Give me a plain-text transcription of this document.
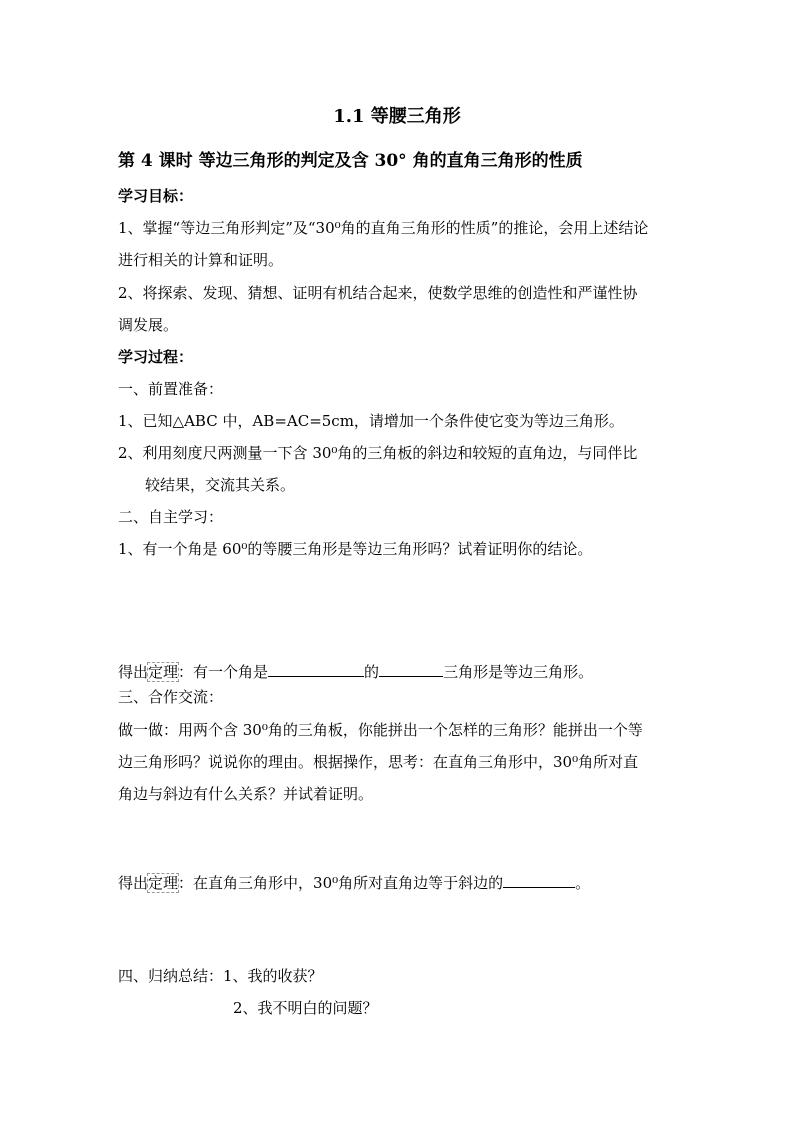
1.1 等腰三角形
第 4 课时 等边三角形的判定及含 30° 角的直角三角形的性质
学习目标：
1、掌握“等边三角形判定”及“30⁰角的直角三角形的性质”的推论，会用上述结论
进行相关的计算和证明。
2、将探索、发现、猜想、证明有机结合起来，使数学思维的创造性和严谨性协
调发展。
学习过程：
一、前置准备：
1、已知△ABC 中，AB=AC=5cm，请增加一个条件使它变为等边三角形。
2、利用刻度尺两测量一下含 30⁰角的三角板的斜边和较短的直角边，与同伴比
较结果，交流其关系。
二、自主学习：
1、有一个角是 60⁰的等腰三角形是等边三角形吗？试着证明你的结论。
得出定理：有一个角是	的	三角形是等边三角形。
三、合作交流：
做一做：用两个含 30⁰角的三角板，你能拼出一个怎样的三角形？能拼出一个等
边三角形吗？说说你的理由。根据操作，思考：在直角三角形中，30⁰角所对直
角边与斜边有什么关系？并试着证明。
得出定理：在直角三角形中，30⁰角所对直角边等于斜边的	。
四、归纳总结：1、我的收获？
2、我不明白的问题？
